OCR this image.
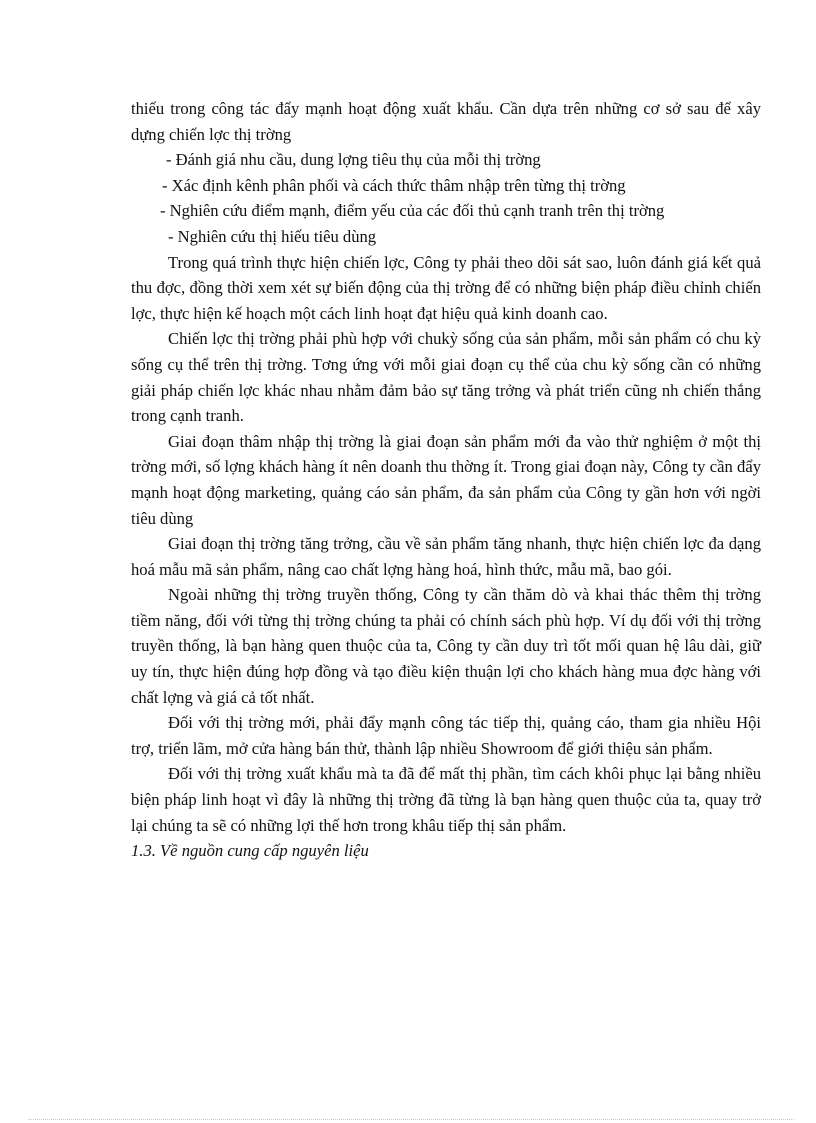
thiếu trong công tác đẩy mạnh hoạt động xuất khẩu. Cần dựa trên những cơ sở sau để xây dựng chiến lợc thị trờng

- Đánh giá nhu cầu, dung lợng tiêu thụ của mỗi thị trờng

- Xác định kênh phân phối và cách thức thâm nhập trên từng thị trờng

- Nghiên cứu điểm mạnh, điểm yếu của các đối thủ cạnh tranh trên thị trờng

- Nghiên cứu thị hiếu tiêu dùng

Trong quá trình thực hiện chiến lợc, Công ty phải theo dõi sát sao, luôn đánh giá kết quả thu đợc, đồng thời xem xét sự biến động của thị trờng để có những biện pháp điều chỉnh chiến lợc, thực hiện kế hoạch một cách linh hoạt đạt hiệu quả kinh doanh cao.

Chiến lợc thị trờng phải phù hợp với chukỳ sống của sản phẩm, mỗi sản phẩm có chu kỳ sống cụ thể trên thị trờng. Tơng ứng với mỗi giai đoạn cụ thể của chu kỳ sống cần có những giải pháp chiến lợc khác nhau nhằm đảm bảo sự tăng trởng và phát triển cũng nh chiến thắng trong cạnh tranh.

Giai đoạn thâm nhập thị trờng là giai đoạn sản phẩm mới đa vào thử nghiệm ở một thị trờng mới, số lợng khách hàng ít nên doanh thu thờng ít. Trong giai đoạn này, Công ty cần đẩy mạnh hoạt động marketing, quảng cáo sản phẩm, đa sản phẩm của Công ty gần hơn với ngời tiêu dùng

Giai đoạn thị trờng tăng trởng, cầu về sản phẩm tăng nhanh, thực hiện chiến lợc đa dạng hoá mẫu mã sản phẩm, nâng cao chất lợng hàng hoá, hình thức, mẫu mã, bao gói.

Ngoài những thị trờng truyền thống, Công ty cần thăm dò và khai thác thêm thị trờng tiềm năng, đối với từng thị trờng chúng ta phải có chính sách phù hợp. Ví dụ đối với thị trờng truyền thống, là bạn hàng quen thuộc của ta, Công ty cần duy trì tốt mối quan hệ lâu dài, giữ uy tín, thực hiện đúng hợp đồng và tạo điều kiện thuận lợi cho khách hàng mua đợc hàng với chất lợng và giá cả tốt nhất.

Đối với thị trờng mới, phải đẩy mạnh công tác tiếp thị, quảng cáo, tham gia nhiều Hội trợ, triển lãm, mở cửa hàng bán thử, thành lập nhiều Showroom để giới thiệu sản phẩm.

Đối với thị trờng xuất khẩu mà ta đã để mất thị phần, tìm cách khôi phục lại bằng nhiều biện pháp linh hoạt vì đây là những thị trờng đã từng là bạn hàng quen thuộc của ta, quay trở lại chúng ta sẽ có những lợi thế hơn trong khâu tiếp thị sản phẩm.

1.3. Về nguồn cung cấp nguyên liệu
